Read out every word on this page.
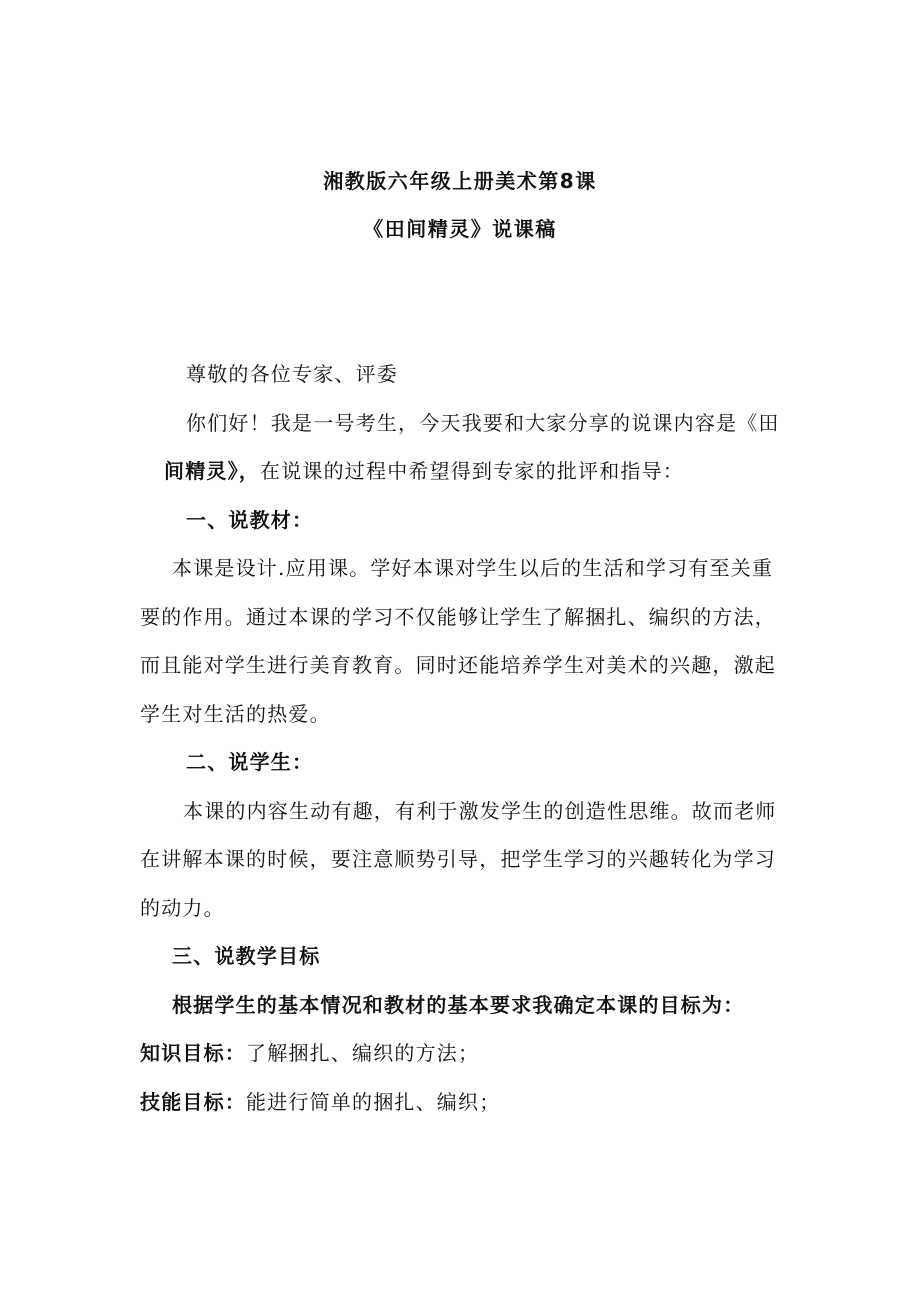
湘教版六年级上册美术第8课
《田间精灵》说课稿
尊敬的各位专家、评委
你们好！我是一号考生，今天我要和大家分享的说课内容是《田
间精灵》，在说课的过程中希望得到专家的批评和指导：
一、说教材：
本课是设计.应用课。学好本课对学生以后的生活和学习有至关重
要的作用。通过本课的学习不仅能够让学生了解捆扎、编织的方法，
而且能对学生进行美育教育。同时还能培养学生对美术的兴趣，激起
学生对生活的热爱。
二、说学生：
本课的内容生动有趣，有利于激发学生的创造性思维。故而老师
在讲解本课的时候，要注意顺势引导，把学生学习的兴趣转化为学习
的动力。
三、说教学目标
根据学生的基本情况和教材的基本要求我确定本课的目标为：
知识目标：了解捆扎、编织的方法；
技能目标：能进行简单的捆扎、编织；
